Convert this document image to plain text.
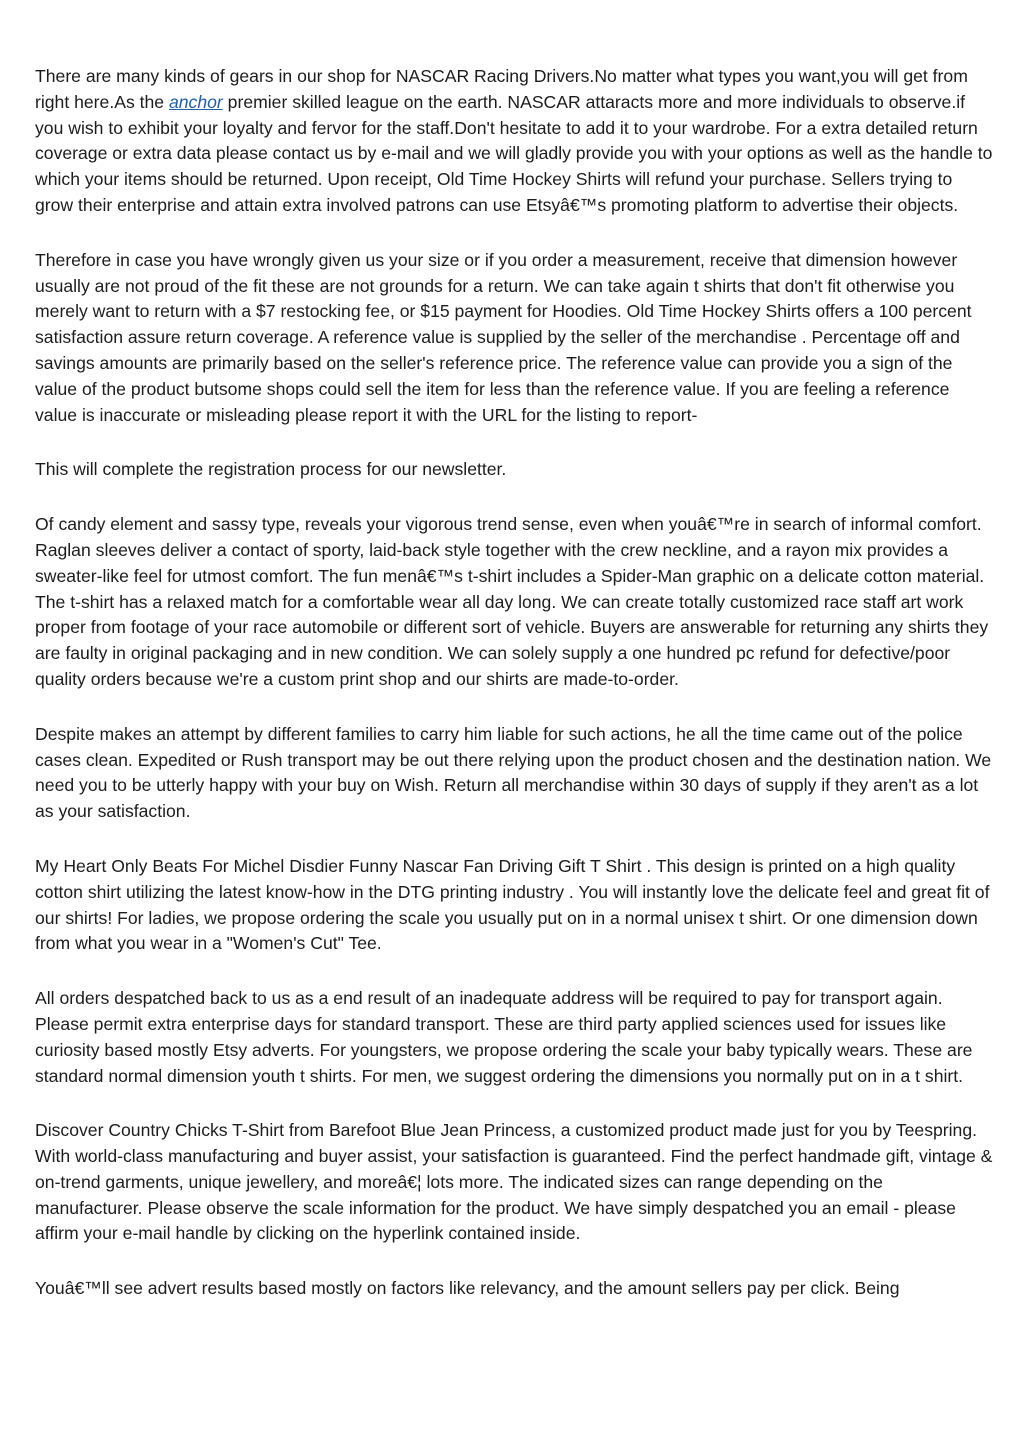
There are many kinds of gears in our shop for NASCAR Racing Drivers.No matter what types you want,you will get from right here.As the anchor premier skilled league on the earth. NASCAR attaracts more and more individuals to observe.if you wish to exhibit your loyalty and fervor for the staff.Don't hesitate to add it to your wardrobe. For a extra detailed return coverage or extra data please contact us by e-mail and we will gladly provide you with your options as well as the handle to which your items should be returned. Upon receipt, Old Time Hockey Shirts will refund your purchase. Sellers trying to grow their enterprise and attain extra involved patrons can use Etsyâ€™s promoting platform to advertise their objects.

Therefore in case you have wrongly given us your size or if you order a measurement, receive that dimension however usually are not proud of the fit these are not grounds for a return. We can take again t shirts that don't fit otherwise you merely want to return with a $7 restocking fee, or $15 payment for Hoodies. Old Time Hockey Shirts offers a 100 percent satisfaction assure return coverage. A reference value is supplied by the seller of the merchandise . Percentage off and savings amounts are primarily based on the seller's reference price. The reference value can provide you a sign of the value of the product butsome shops could sell the item for less than the reference value. If you are feeling a reference value is inaccurate or misleading please report it with the URL for the listing to report-

This will complete the registration process for our newsletter.

Of candy element and sassy type, reveals your vigorous trend sense, even when youâ€™re in search of informal comfort. Raglan sleeves deliver a contact of sporty, laid-back style together with the crew neckline, and a rayon mix provides a sweater-like feel for utmost comfort. The fun menâ€™s t-shirt includes a Spider-Man graphic on a delicate cotton material. The t-shirt has a relaxed match for a comfortable wear all day long. We can create totally customized race staff art work proper from footage of your race automobile or different sort of vehicle. Buyers are answerable for returning any shirts they are faulty in original packaging and in new condition. We can solely supply a one hundred pc refund for defective/poor quality orders because we're a custom print shop and our shirts are made-to-order.

Despite makes an attempt by different families to carry him liable for such actions, he all the time came out of the police cases clean. Expedited or Rush transport may be out there relying upon the product chosen and the destination nation. We need you to be utterly happy with your buy on Wish. Return all merchandise within 30 days of supply if they aren't as a lot as your satisfaction.

My Heart Only Beats For Michel Disdier Funny Nascar Fan Driving Gift T Shirt . This design is printed on a high quality cotton shirt utilizing the latest know-how in the DTG printing industry . You will instantly love the delicate feel and great fit of our shirts! For ladies, we propose ordering the scale you usually put on in a normal unisex t shirt. Or one dimension down from what you wear in a "Women's Cut" Tee.

All orders despatched back to us as a end result of an inadequate address will be required to pay for transport again. Please permit extra enterprise days for standard transport. These are third party applied sciences used for issues like curiosity based mostly Etsy adverts. For youngsters, we propose ordering the scale your baby typically wears. These are standard normal dimension youth t shirts. For men, we suggest ordering the dimensions you normally put on in a t shirt.

Discover Country Chicks T-Shirt from Barefoot Blue Jean Princess, a customized product made just for you by Teespring. With world-class manufacturing and buyer assist, your satisfaction is guaranteed. Find the perfect handmade gift, vintage & on-trend garments, unique jewellery, and moreâ€¦ lots more. The indicated sizes can range depending on the manufacturer. Please observe the scale information for the product. We have simply despatched you an email - please affirm your e-mail handle by clicking on the hyperlink contained inside.

Youâ€™ll see advert results based mostly on factors like relevancy, and the amount sellers pay per click. Being
